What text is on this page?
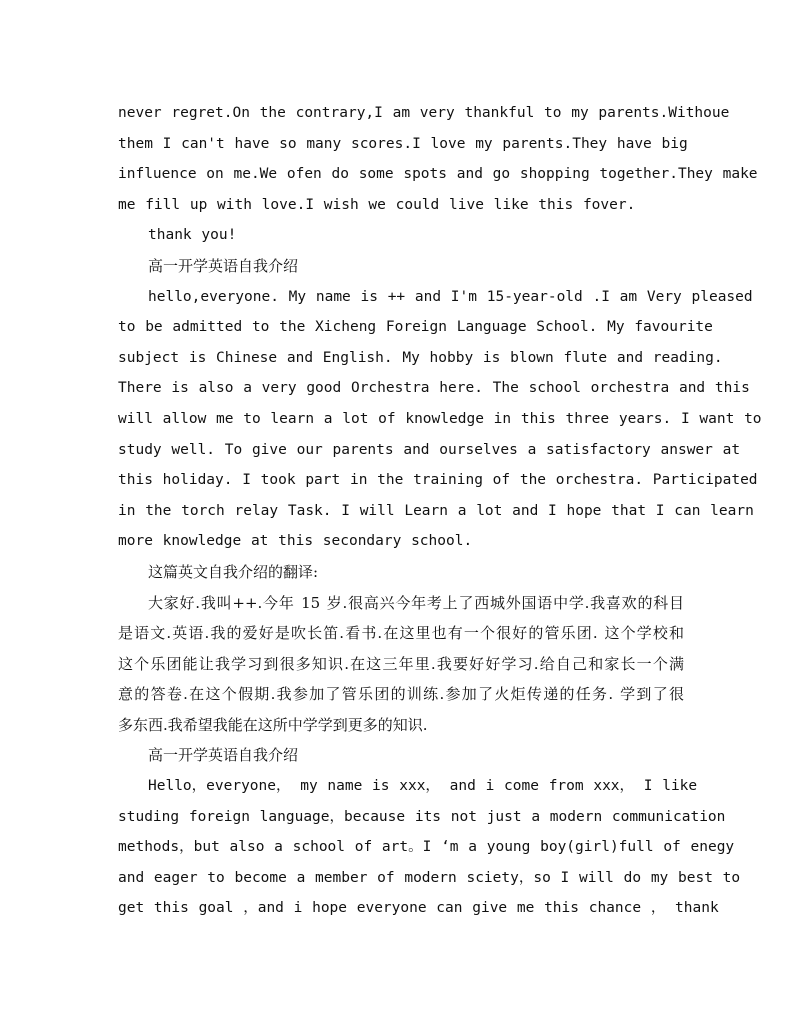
never regret.On the contrary,I am very thankful to my parents.Withoue
them I can't have so many scores.I love my parents.They have big
influence on me.We ofen do some spots and go shopping together.They make
me fill up with love.I wish we could live like this fover.
thank you!

高一开学英语自我介绍

hello,everyone. My name is ++ and I'm 15-year-old .I am Very pleased
to be admitted to the Xicheng Foreign Language School. My favourite
subject is Chinese and English. My hobby is blown flute and reading.
There is also a very good Orchestra here. The school orchestra and this
will allow me to learn a lot of knowledge in this three years. I want to
study well. To give our parents and ourselves a satisfactory answer at
this holiday. I took part in the training of the orchestra. Participated
in the torch relay Task. I will Learn a lot and I hope that I can learn
more knowledge at this secondary school.

这篇英文自我介绍的翻译:

大家好.我叫++.今年 15 岁.很高兴今年考上了西城外国语中学.我喜欢的科目
是语文.英语.我的爱好是吹长笛.看书.在这里也有一个很好的管乐团. 这个学校和
这个乐团能让我学习到很多知识.在这三年里.我要好好学习.给自己和家长一个满
意的答卷.在这个假期.我参加了管乐团的训练.参加了火炬传递的任务. 学到了很
多东西.我希望我能在这所中学学到更多的知识.

高一开学英语自我介绍

Hello，everyone， my name is xxx， and i come from xxx， I like
studing foreign language，because its not just a modern communication
methods，but also a school of art。I ‘m a young boy(girl)full of enegy
and eager to become a member of modern sciety，so I will do my best to
get this goal ，and i hope everyone can give me this chance ， thank
